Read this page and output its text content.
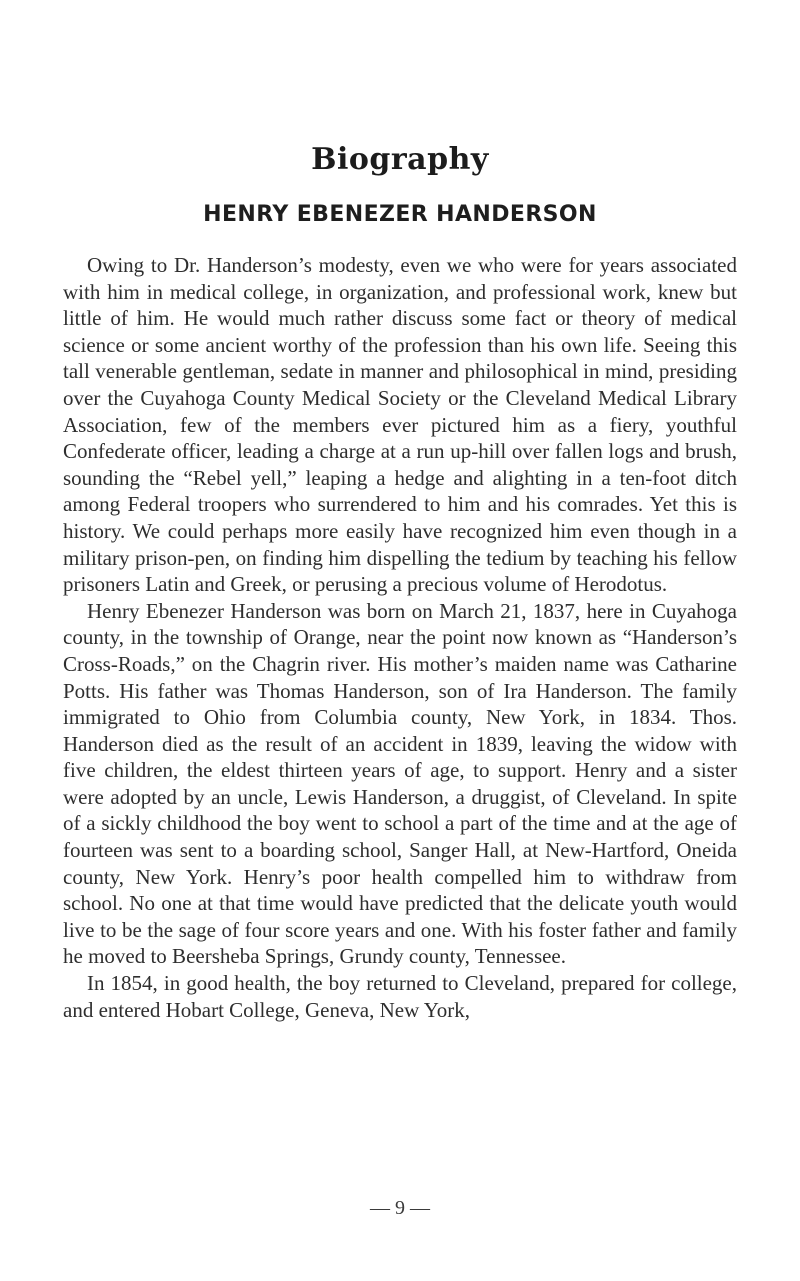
Biography
HENRY EBENEZER HANDERSON

Owing to Dr. Handerson’s modesty, even we who were for years associated with him in medical college, in organization, and professional work, knew but little of him. He would much rather discuss some fact or theory of medical science or some ancient worthy of the profession than his own life. Seeing this tall venerable gentleman, sedate in manner and philosophical in mind, presiding over the Cuyahoga County Medical Society or the Cleveland Medical Library Association, few of the members ever pictured him as a fiery, youthful Confederate officer, leading a charge at a run up-hill over fallen logs and brush, sounding the “Rebel yell,” leaping a hedge and alighting in a ten-foot ditch among Federal troopers who surrendered to him and his comrades. Yet this is history. We could perhaps more easily have recognized him even though in a military prison-pen, on finding him dispelling the tedium by teaching his fellow prisoners Latin and Greek, or perusing a precious volume of Herodotus.

Henry Ebenezer Handerson was born on March 21, 1837, here in Cuyahoga county, in the township of Orange, near the point now known as “Handerson’s Cross-Roads,” on the Chagrin river. His mother’s maiden name was Catharine Potts. His father was Thomas Handerson, son of Ira Handerson. The family immigrated to Ohio from Columbia county, New York, in 1834. Thos. Handerson died as the result of an accident in 1839, leaving the widow with five children, the eldest thirteen years of age, to support. Henry and a sister were adopted by an uncle, Lewis Handerson, a druggist, of Cleveland. In spite of a sickly childhood the boy went to school a part of the time and at the age of fourteen was sent to a boarding school, Sanger Hall, at New-Hartford, Oneida county, New York. Henry’s poor health compelled him to withdraw from school. No one at that time would have predicted that the delicate youth would live to be the sage of four score years and one. With his foster father and family he moved to Beersheba Springs, Grundy county, Tennessee.

In 1854, in good health, the boy returned to Cleveland, prepared for college, and entered Hobart College, Geneva, New York,

— 9 —
